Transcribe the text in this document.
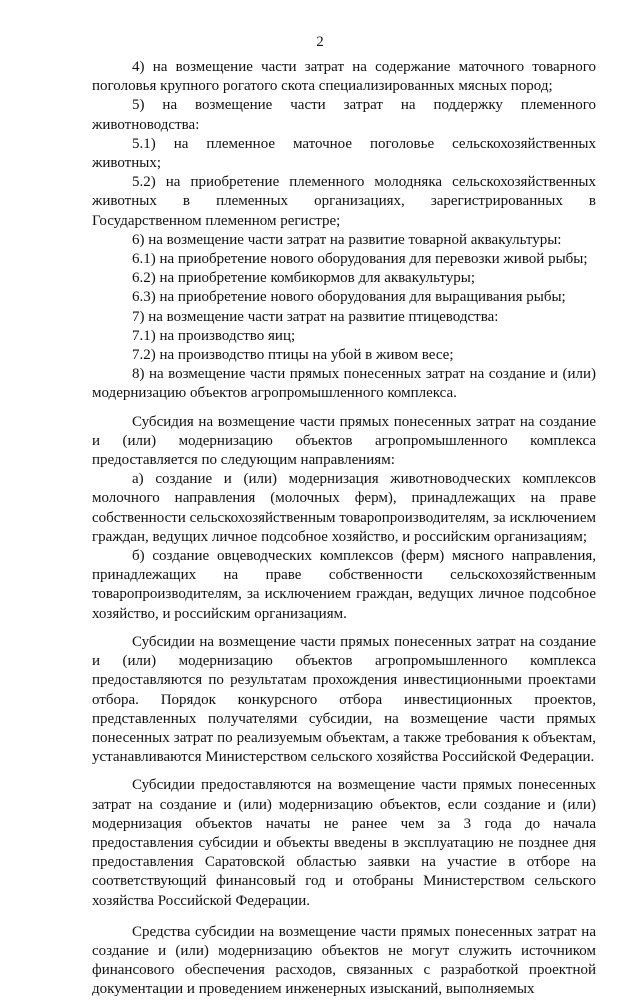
2

4) на возмещение части затрат на содержание маточного товарного поголовья крупного рогатого скота специализированных мясных пород;

5) на возмещение части затрат на поддержку племенного животноводства:

5.1) на племенное маточное поголовье сельскохозяйственных животных;

5.2) на приобретение племенного молодняка сельскохозяйственных животных в племенных организациях, зарегистрированных в Государственном племенном регистре;

6) на возмещение части затрат на развитие товарной аквакультуры:

6.1) на приобретение нового оборудования для перевозки живой рыбы;

6.2) на приобретение комбикормов для аквакультуры;

6.3) на приобретение нового оборудования для выращивания рыбы;

7) на возмещение части затрат на развитие птицеводства:

7.1) на производство яиц;

7.2) на производство птицы на убой в живом весе;

8) на возмещение части прямых понесенных затрат на создание и (или) модернизацию объектов агропромышленного комплекса.

Субсидия на возмещение части прямых понесенных затрат на создание и (или) модернизацию объектов агропромышленного комплекса предоставляется по следующим направлениям:

а) создание и (или) модернизация животноводческих комплексов молочного направления (молочных ферм), принадлежащих на праве собственности сельскохозяйственным товаропроизводителям, за исключением граждан, ведущих личное подсобное хозяйство, и российским организациям;

б) создание овцеводческих комплексов (ферм) мясного направления, принадлежащих на праве собственности сельскохозяйственным товаропроизводителям, за исключением граждан, ведущих личное подсобное хозяйство, и российским организациям.

Субсидии на возмещение части прямых понесенных затрат на создание и (или) модернизацию объектов агропромышленного комплекса предоставляются по результатам прохождения инвестиционными проектами отбора. Порядок конкурсного отбора инвестиционных проектов, представленных получателями субсидии, на возмещение части прямых понесенных затрат по реализуемым объектам, а также требования к объектам, устанавливаются Министерством сельского хозяйства Российской Федерации.

Субсидии предоставляются на возмещение части прямых понесенных затрат на создание и (или) модернизацию объектов, если создание и (или) модернизация объектов начаты не ранее чем за 3 года до начала предоставления субсидии и объекты введены в эксплуатацию не позднее дня предоставления Саратовской областью заявки на участие в отборе на соответствующий финансовый год и отобраны Министерством сельского хозяйства Российской Федерации.

Средства субсидии на возмещение части прямых понесенных затрат на создание и (или) модернизацию объектов не могут служить источником финансового обеспечения расходов, связанных с разработкой проектной документации и проведением инженерных изысканий, выполняемых
